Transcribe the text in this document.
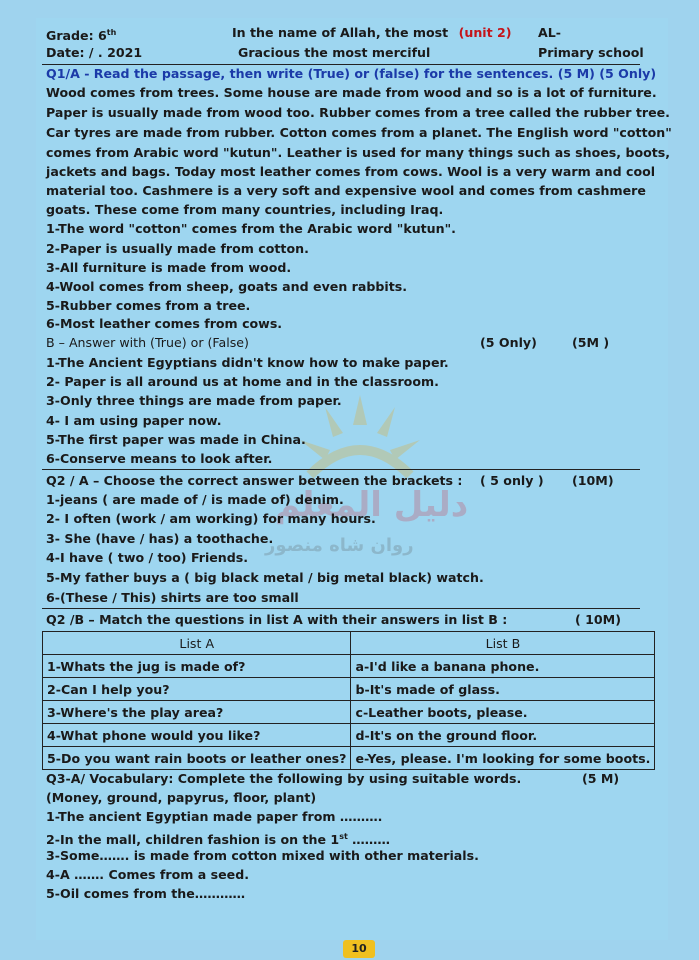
دليل المعلم
روان شاه منصور
Grade: 6th
Date: / . 2021
In the name of Allah, the most (unit 2)
Gracious the most merciful
AL-
Primary school
Q1/A - Read the passage, then write (True) or (false) for the sentences. (5 M) (5 Only)
Wood comes from trees. Some house are made from wood and so is a lot of furniture.
Paper is usually made from wood too. Rubber comes from a tree called the rubber tree.
Car tyres are made from rubber. Cotton comes from a planet. The English word "cotton"
comes from Arabic word "kutun". Leather is used for many things such as shoes, boots,
jackets and bags. Today most leather comes from cows. Wool is a very warm and cool
material too. Cashmere is a very soft and expensive wool and comes from cashmere
goats. These come from many countries, including Iraq.
1-The word "cotton" comes from the Arabic word "kutun".
2-Paper is usually made from cotton.
3-All furniture is made from wood.
4-Wool comes from sheep, goats and even rabbits.
5-Rubber comes from a tree.
6-Most leather comes from cows.
B – Answer with (True) or (False)	(5 Only)	(5M )
1-The Ancient Egyptians didn't know how to make paper.
2- Paper is all around us at home and in the classroom.
3-Only three things are made from paper.
4- I am using paper now.
5-The first paper was made in China.
6-Conserve means to look after.
Q2 / A – Choose the correct answer between the brackets : ( 5 only ) (10M)
1-jeans ( are made of / is made of) denim.
2- I often (work / am working) for many hours.
3- She (have / has) a toothache.
4-I have ( two / too) Friends.
5-My father buys a ( big black metal / big metal black) watch.
6-(These / This) shirts are too small
Q2 /B – Match the questions in list A with their answers in list B :	( 10M)
List A	List B
1-Whats the jug is made of?	a-I'd like a banana phone.
2-Can I help you?	b-It's made of glass.
3-Where's the play area?	c-Leather boots, please.
4-What phone would you like?	d-It's on the ground floor.
5-Do you want rain boots or leather ones?	e-Yes, please. I'm looking for some boots.
Q3-A/ Vocabulary: Complete the following by using suitable words.	(5 M)
(Money, ground, papyrus, floor, plant)
1-The ancient Egyptian made paper from ……….
2-In the mall, children fashion is on the 1st ………
3-Some……. is made from cotton mixed with other materials.
4-A ……. Comes from a seed.
5-Oil comes from the…………
10
